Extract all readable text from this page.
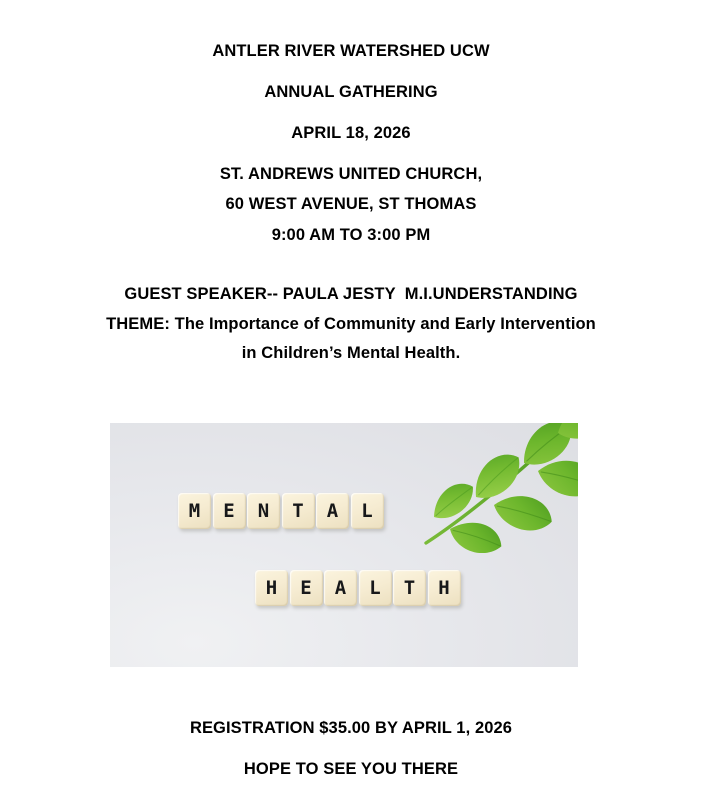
ANTLER RIVER WATERSHED UCW
ANNUAL GATHERING
APRIL 18, 2026
ST. ANDREWS UNITED CHURCH,
60 WEST AVENUE, ST THOMAS
9:00 AM TO 3:00 PM
GUEST SPEAKER-- PAULA JESTY  M.I.UNDERSTANDING
THEME: The Importance of Community and Early Intervention
in Children’s Mental Health.
M	E	N	T	A	L
H	E	A	L	T	H
REGISTRATION $35.00 BY APRIL 1, 2026
HOPE TO SEE YOU THERE
